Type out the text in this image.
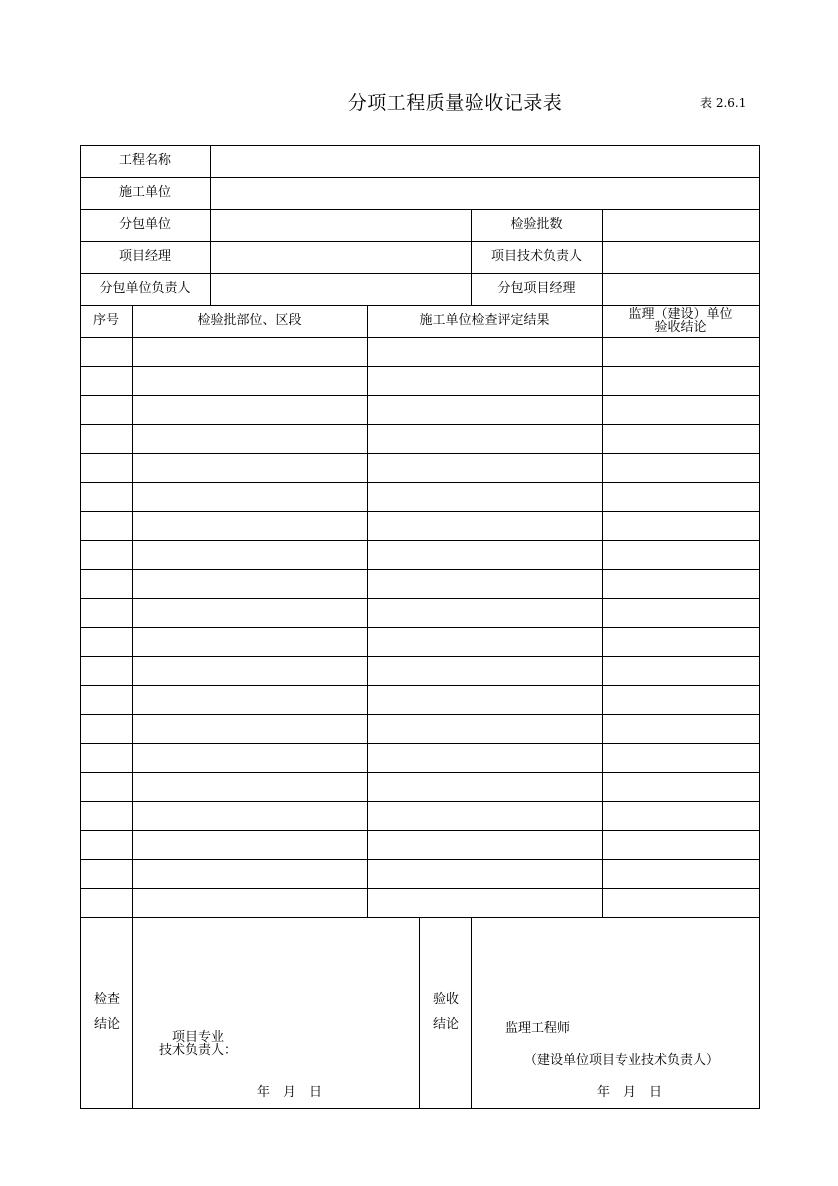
分项工程质量验收记录表	表 2.6.1
工程名称
施工单位
分包单位	检验批数
项目经理	项目技术负责人
分包单位负责人	分包项目经理
序号	检验批部位、区段	施工单位检查评定结果	监理（建设）单位
验收结论
检查
结论
项目专业
技术负责人：
年　月　日
验收
结论	监理工程师
（建设单位项目专业技术负责人）
年　月　日
